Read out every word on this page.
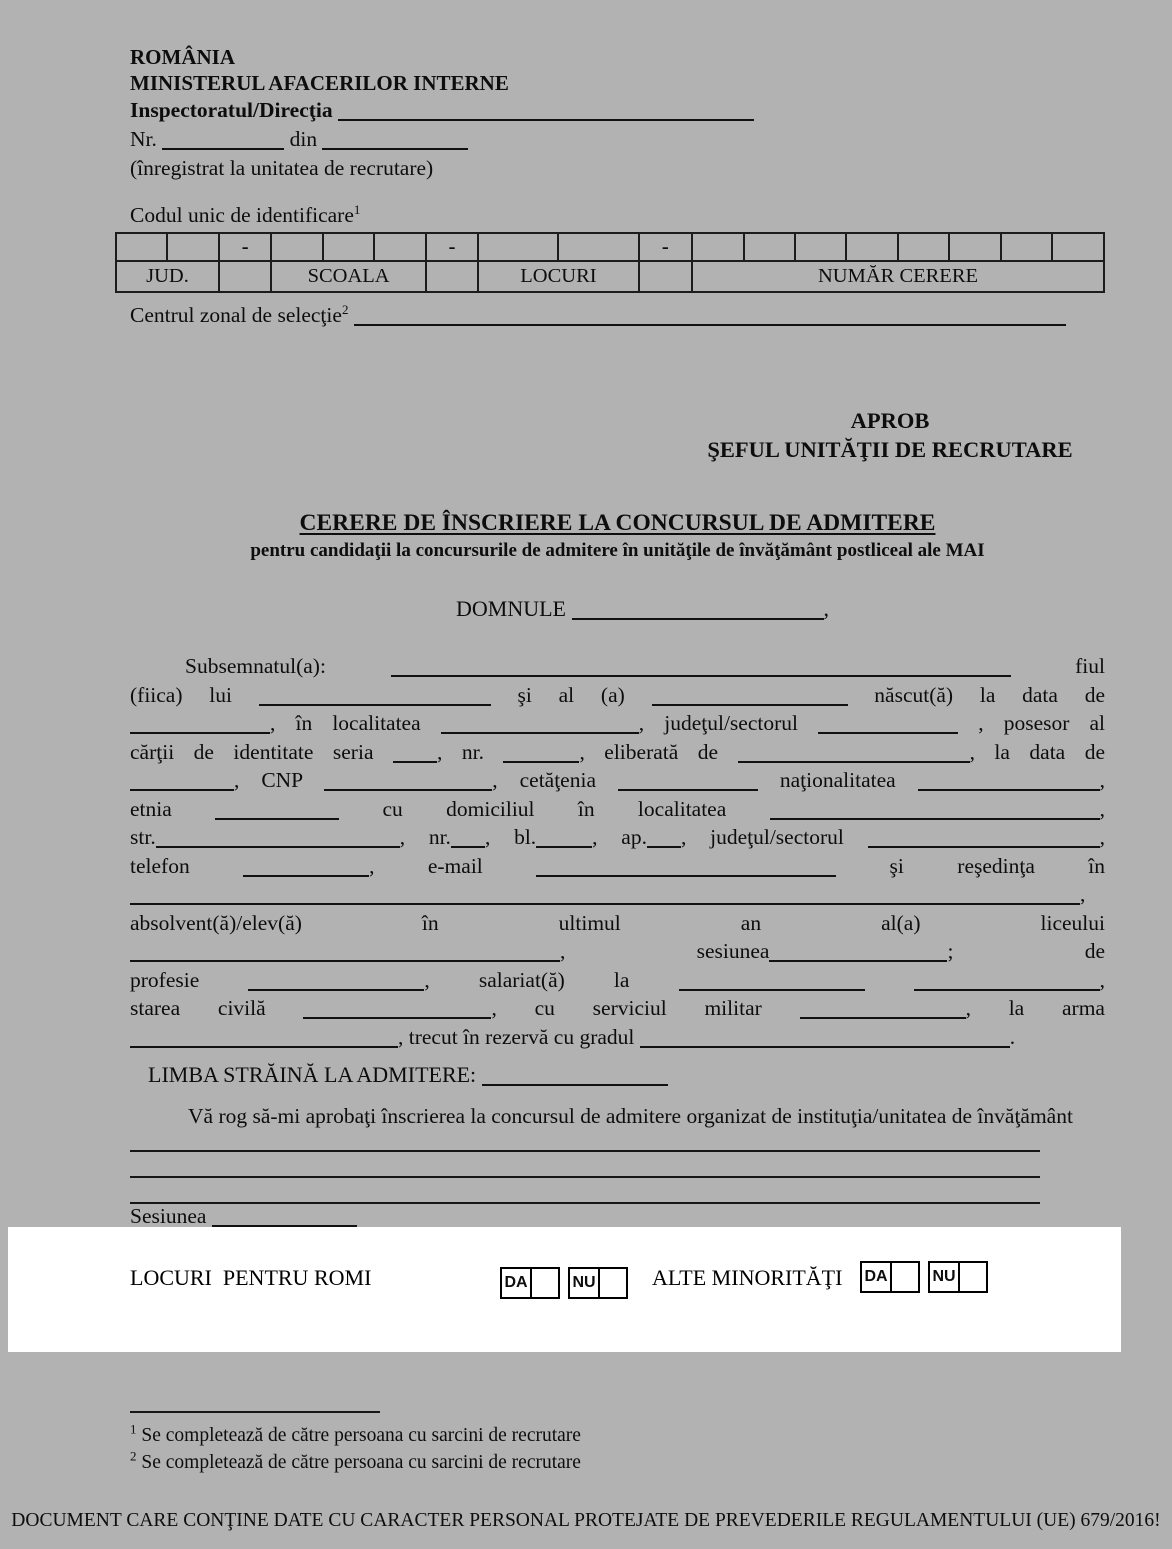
ROMÂNIA
MINISTERUL AFACERILOR INTERNE
Inspectoratul/Direcţia
Nr.	din
(înregistrat la unitatea de recrutare)
Codul unic de identificare$^1$
		-				-			-								
JUD.			SCOALA				LOCURI			NUMĂR CERERE							
Centrul zonal de selecţie$^2$
APROB
ŞEFUL UNITĂŢII DE RECRUTARE
CERERE DE ÎNSCRIERE LA CONCURSUL DE ADMITERE
pentru candidaţii la concursurile de admitere în unităţile de învăţământ postliceal ale MAI
DOMNULE	,
Subsemnatul(a):	fiul
(fiica) lui	şi al (a)	născut(ă) la data de
, în localitatea	, judeţul/sectorul	, posesor al
cărţii de identitate seria , nr.	, eliberată de	, la data de
, CNP	, cetăţenia	naţionalitatea	,
etnia	cu domiciliul în localitatea	,
str.	, nr. , bl.	, ap. , judeţul/sectorul	,
telefon	, e-mail	şi reşedinţa în
,
absolvent(ă)/elev(ă) în ultimul an al(a) liceului
, sesiunea	; de
profesie	, salariat(ă) la	,
starea civilă	, cu serviciul militar	, la arma
, trecut în rezervă cu gradul	.
LIMBA STRĂINĂ LA ADMITERE:
Vă rog să-mi aprobaţi înscrierea la concursul de admitere organizat de instituţia/unitatea de învăţământ
Sesiunea
LOCURI  PENTRU ROMI	DA	NU	ALTE MINORITĂŢI DA	NU
$^1$ Se completează de către persoana cu sarcini de recrutare
$^2$ Se completează de către persoana cu sarcini de recrutare
DOCUMENT CARE CONŢINE DATE CU CARACTER PERSONAL PROTEJATE DE PREVEDERILE REGULAMENTULUI (UE) 679/2016!
